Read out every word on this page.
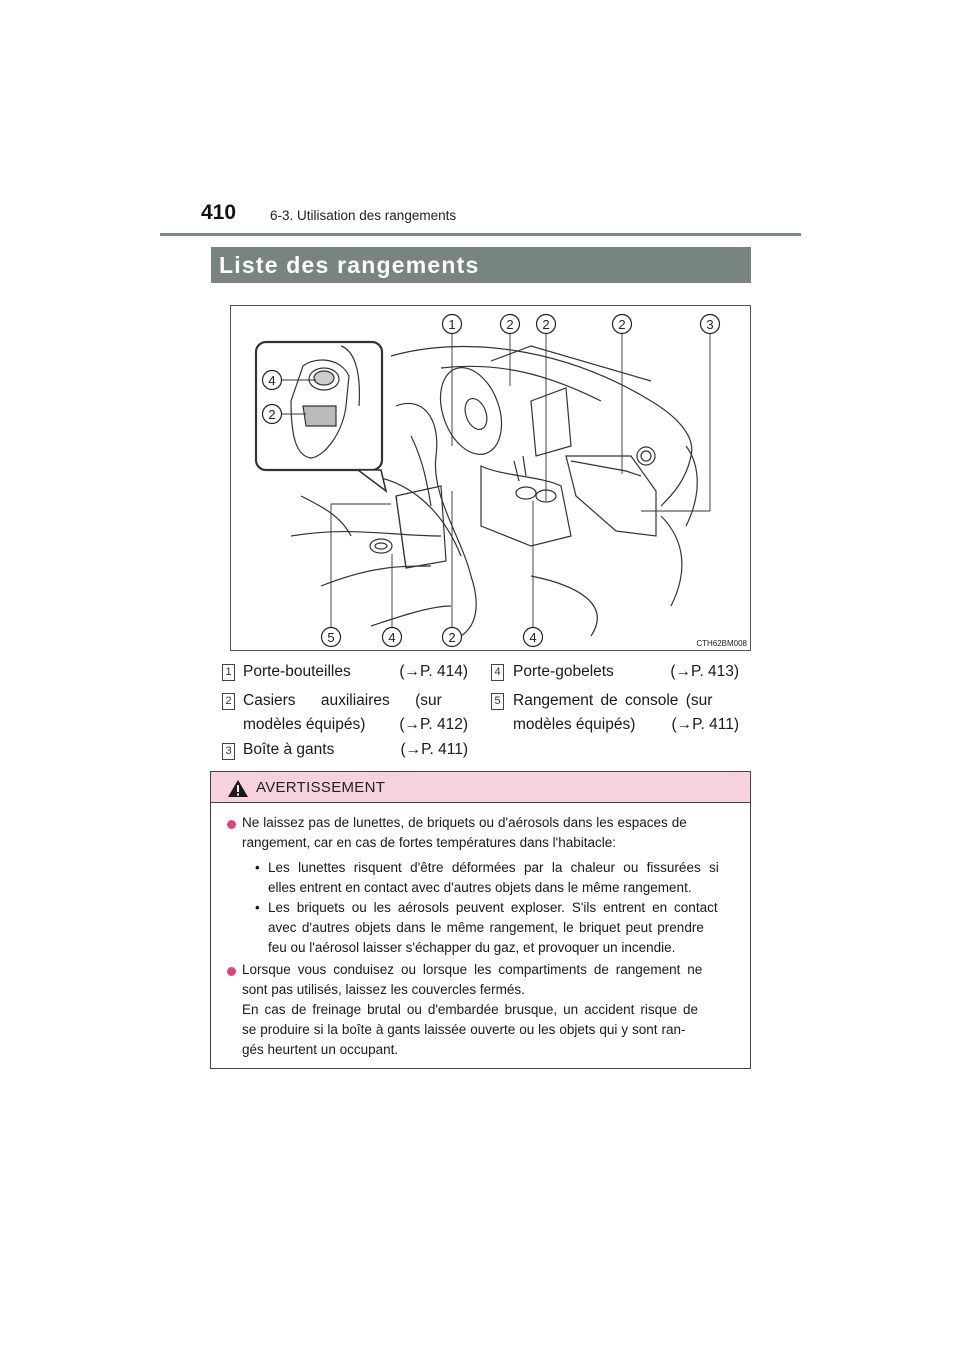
410	6-3. Utilisation des rangements
Liste des rangements
1	2 2	2	3
5	4	2	4
4
2
CTH62BM008
1 Porte-bouteilles	(→P. 414)
2 Casiers auxiliaires (sur
modèles équipés) (→P. 412)
3 Boîte à gants	(→P. 411)
4 Porte-gobelets	(→P. 413)
5 Rangement de console (sur
modèles équipés) (→P. 411)
AVERTISSEMENT
Ne laissez pas de lunettes, de briquets ou d'aérosols dans les espaces de
rangement, car en cas de fortes températures dans l'habitacle:
• Les lunettes risquent d'être déformées par la chaleur ou fissurées si
elles entrent en contact avec d'autres objets dans le même rangement.
• Les briquets ou les aérosols peuvent exploser. S'ils entrent en contact
avec d'autres objets dans le même rangement, le briquet peut prendre
feu ou l'aérosol laisser s'échapper du gaz, et provoquer un incendie.
Lorsque vous conduisez ou lorsque les compartiments de rangement ne
sont pas utilisés, laissez les couvercles fermés.
En cas de freinage brutal ou d'embardée brusque, un accident risque de
se produire si la boîte à gants laissée ouverte ou les objets qui y sont ran-
gés heurtent un occupant.
